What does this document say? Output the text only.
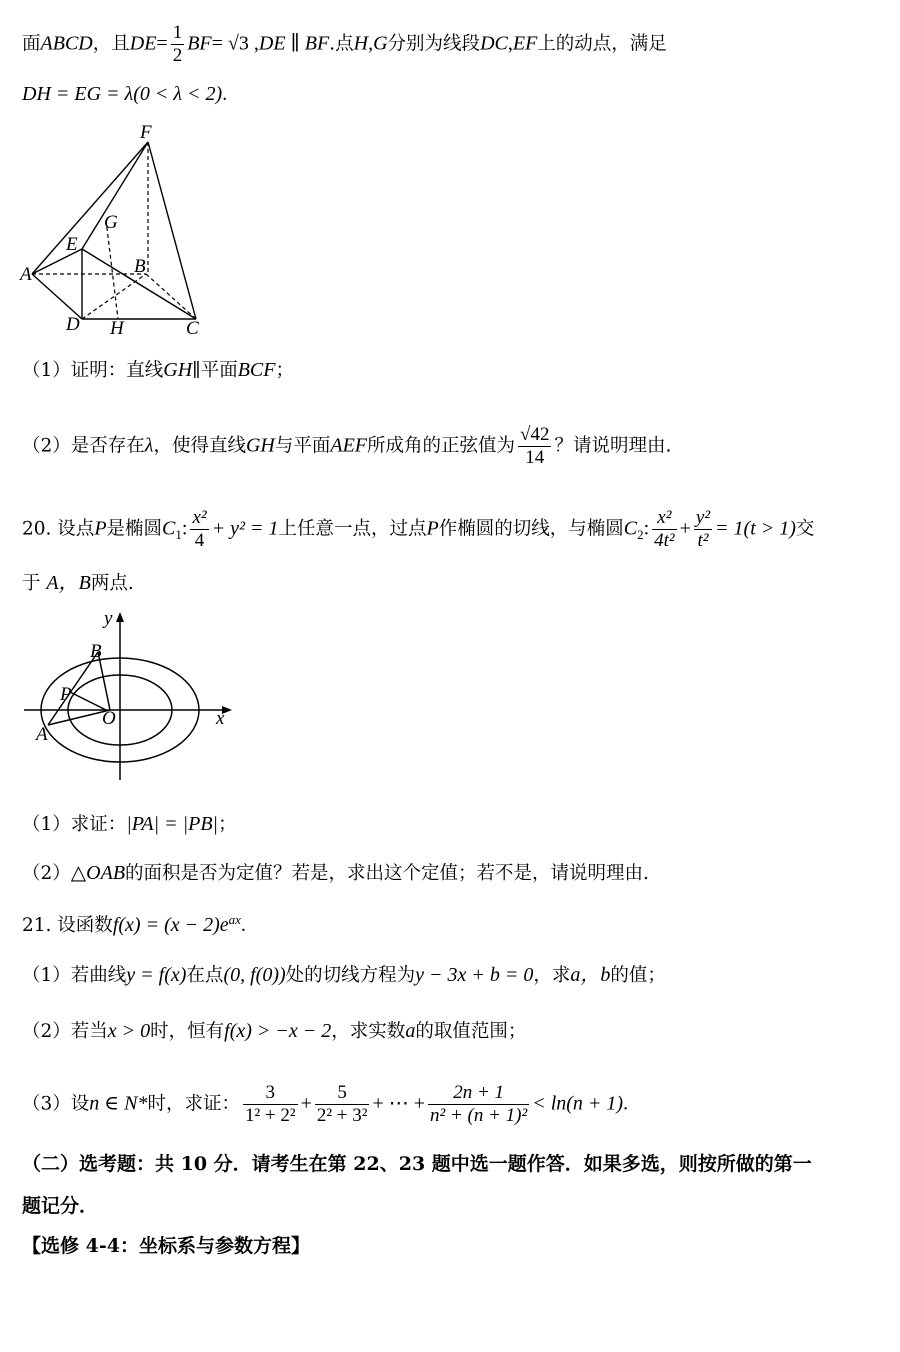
面ABCD，且$DE= \frac{1}{2} BF= √3$ ,DE ∥ BF.点H,G分别为线段DC,EF上的动点，满足
DH = EG = λ(0 < λ < 2).
F
G
E
A	B
D H	C
（1）证明：直线GH∥平面BCF；
（2）是否存在λ，使得直线GH与平面AEF所成角的正弦值为 $\frac{√42}{14}$ ？请说明理由.
20. 设点P是椭圆$C_1$: $\frac{\text{x²}}{4} + y^2 = 1$上任意一点，过点P作椭圆的切线，与椭圆$C_2$: $\frac{\text{x²}}{\text{4t²}} + \frac{\text{y²}}{\text{t²}} = 1(t > 1)$交
于 A，B两点.
y
x
B
P
O
A
（1）求证：|PA| = |PB|；
（2）△OAB的面积是否为定值？若是，求出这个定值；若不是，请说明理由.
21. 设函数$f(x) = (x - 2)e^{ax}$.
（1）若曲线y = f(x)在点(0, f(0))处的切线方程为y − 3x + b = 0，求a，b的值；
（2）若当x > 0时，恒有f(x) > −x − 2，求实数a的取值范围；
（3）设n ∈ N*时，求证： $\frac{3}{\text{1² + 2²}} + \frac{5}{\text{2² + 3²}}$ + ⋯ + $\frac{2n + 1}{\text{n² + (n + 1)²}} < \ln(n + 1)$.
（二）选考题：共 10 分．请考生在第 22、23 题中选一题作答．如果多选，则按所做的第一
题记分．
【选修 4-4：坐标系与参数方程】
